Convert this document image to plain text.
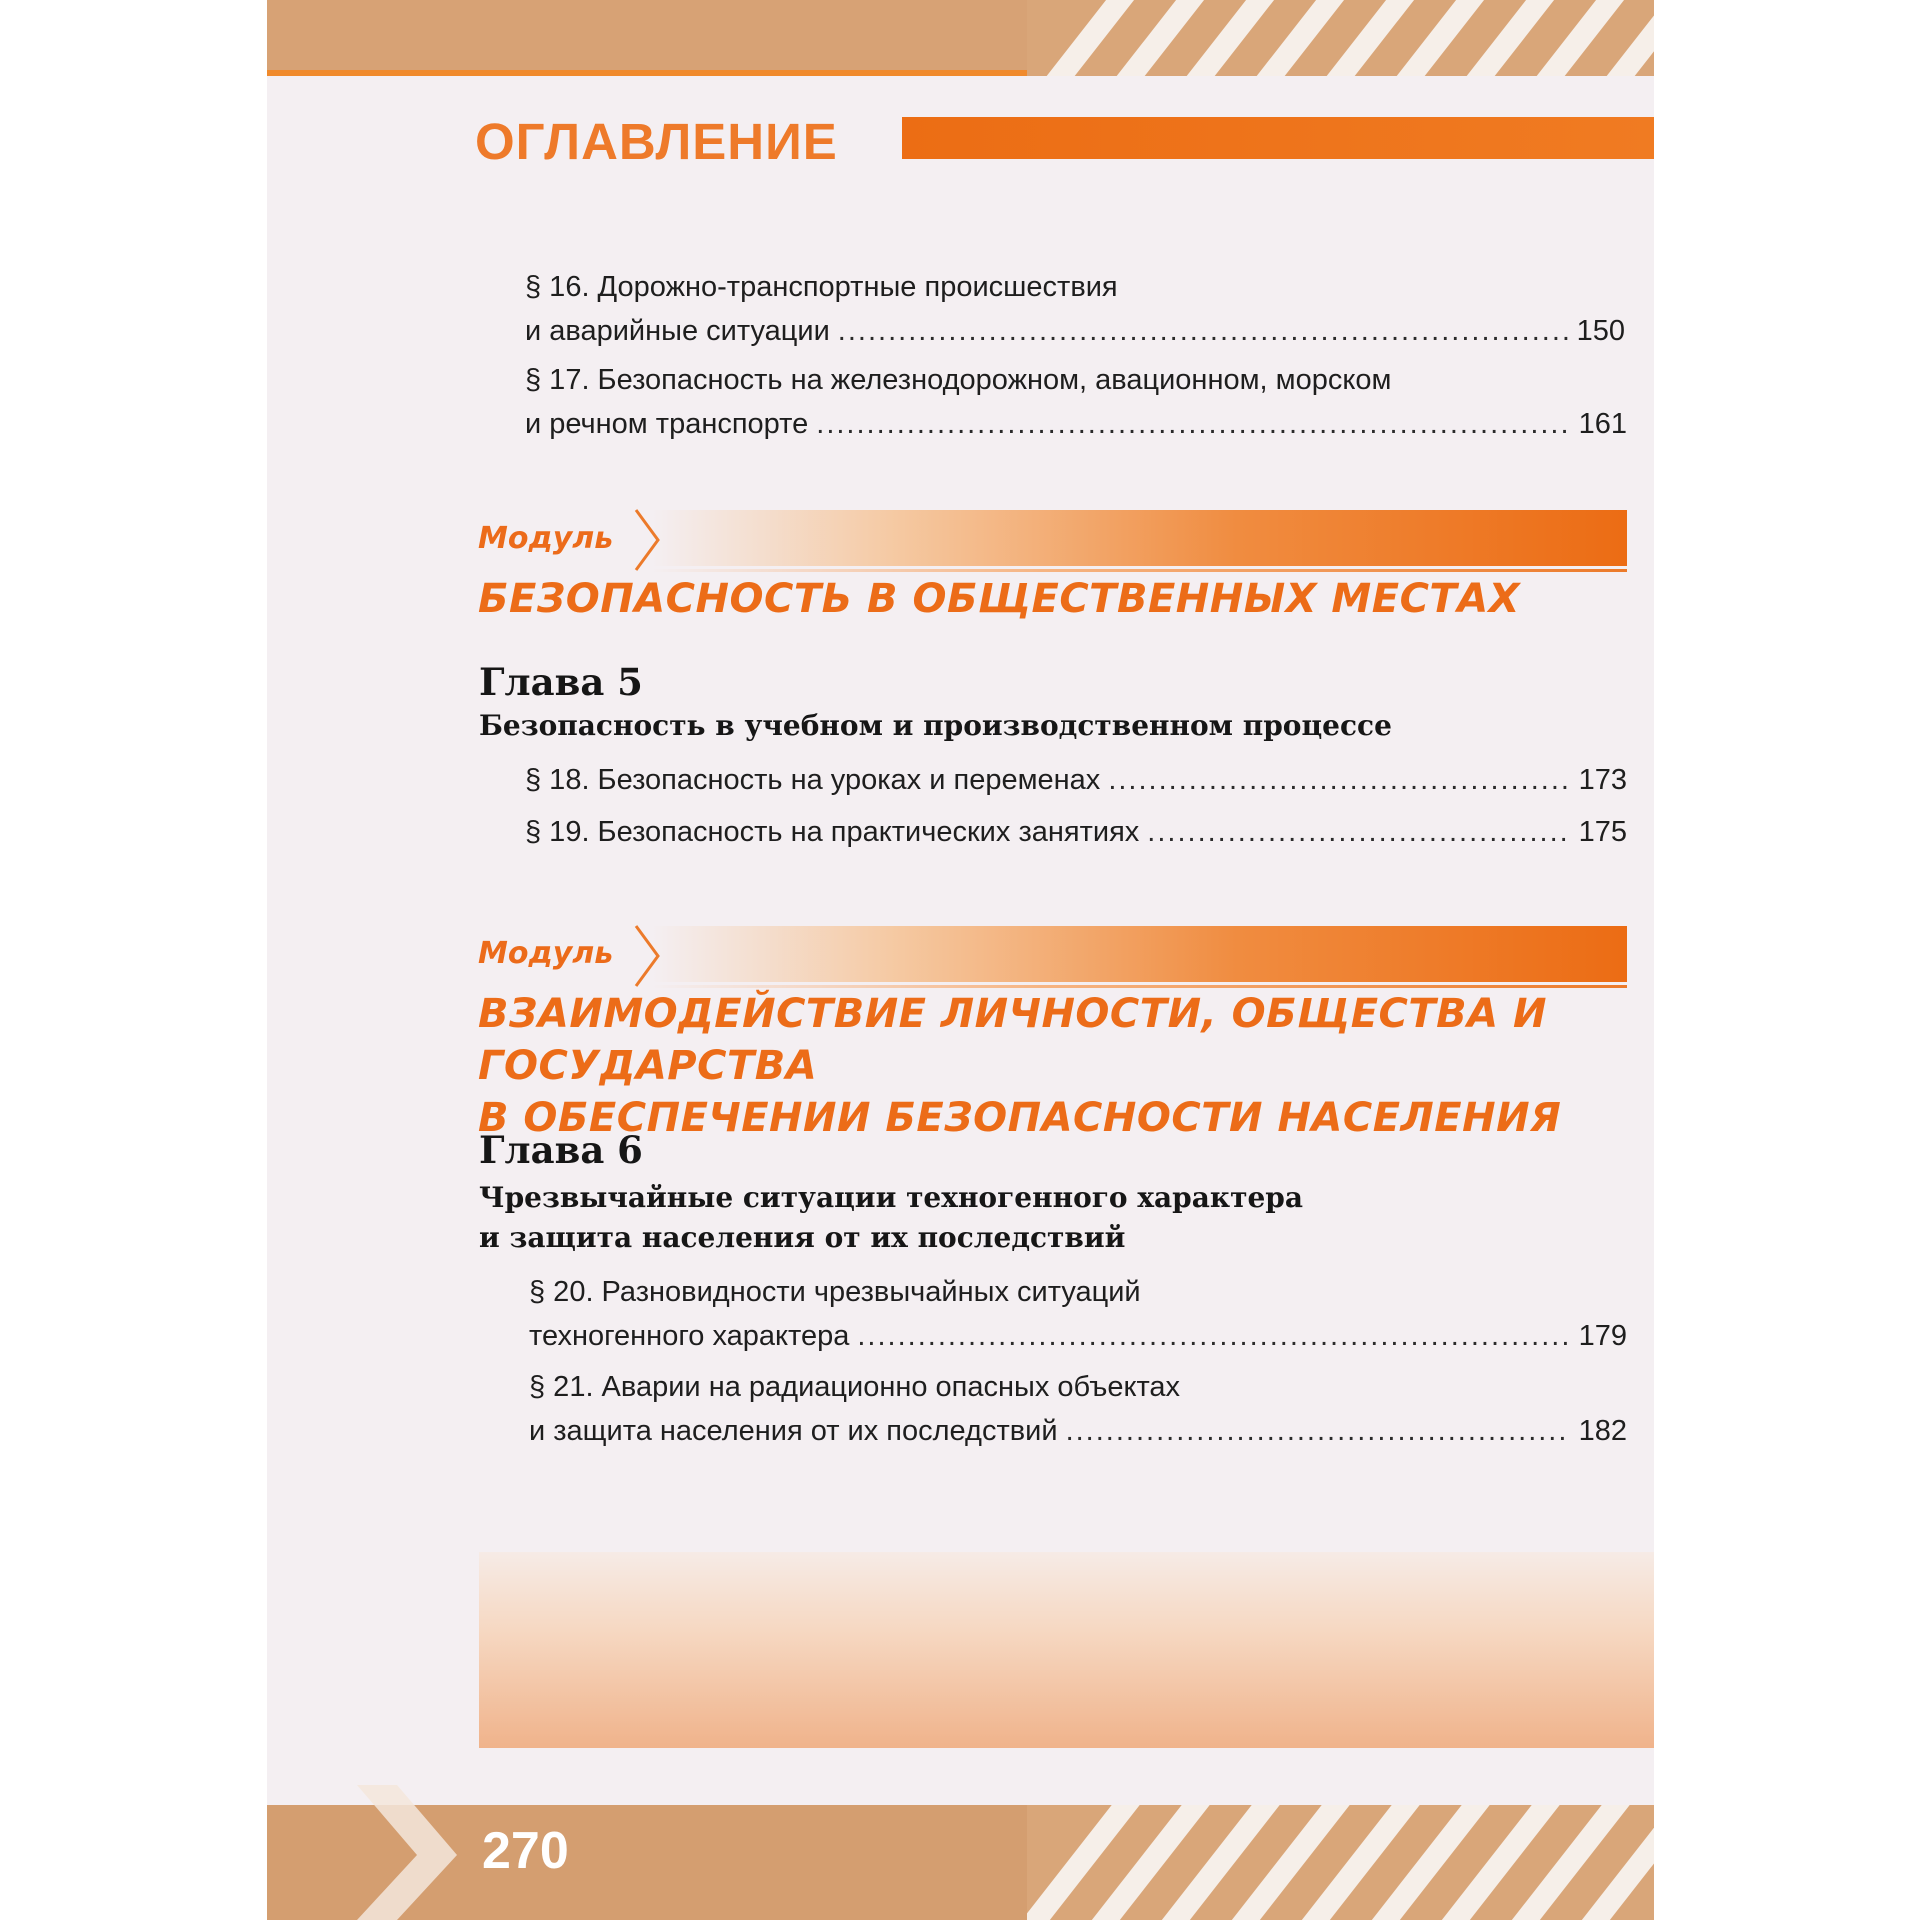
ОГЛАВЛЕНИЕ
§ 16. Дорожно-транспортные происшествия
и аварийные ситуации .....	150
§ 17. Безопасность на железнодорожном, авационном, морском
и речном транспорте .....	161
Модуль
БЕЗОПАСНОСТЬ В ОБЩЕСТВЕННЫХ МЕСТАХ
Глава 5
Безопасность в учебном и производственном процессе
§ 18. Безопасность на уроках и переменах .....	173
§ 19. Безопасность на практических занятиях .....	175
Модуль
ВЗАИМОДЕЙСТВИЕ ЛИЧНОСТИ, ОБЩЕСТВА И ГОСУДАРСТВА
В ОБЕСПЕЧЕНИИ БЕЗОПАСНОСТИ НАСЕЛЕНИЯ
Глава 6
Чрезвычайные ситуации техногенного характера
и защита населения от их последствий
§ 20. Разновидности чрезвычайных ситуаций
техногенного характера .....	179
§ 21. Аварии на радиационно опасных объектах
и защита населения от их последствий .....	182
270
